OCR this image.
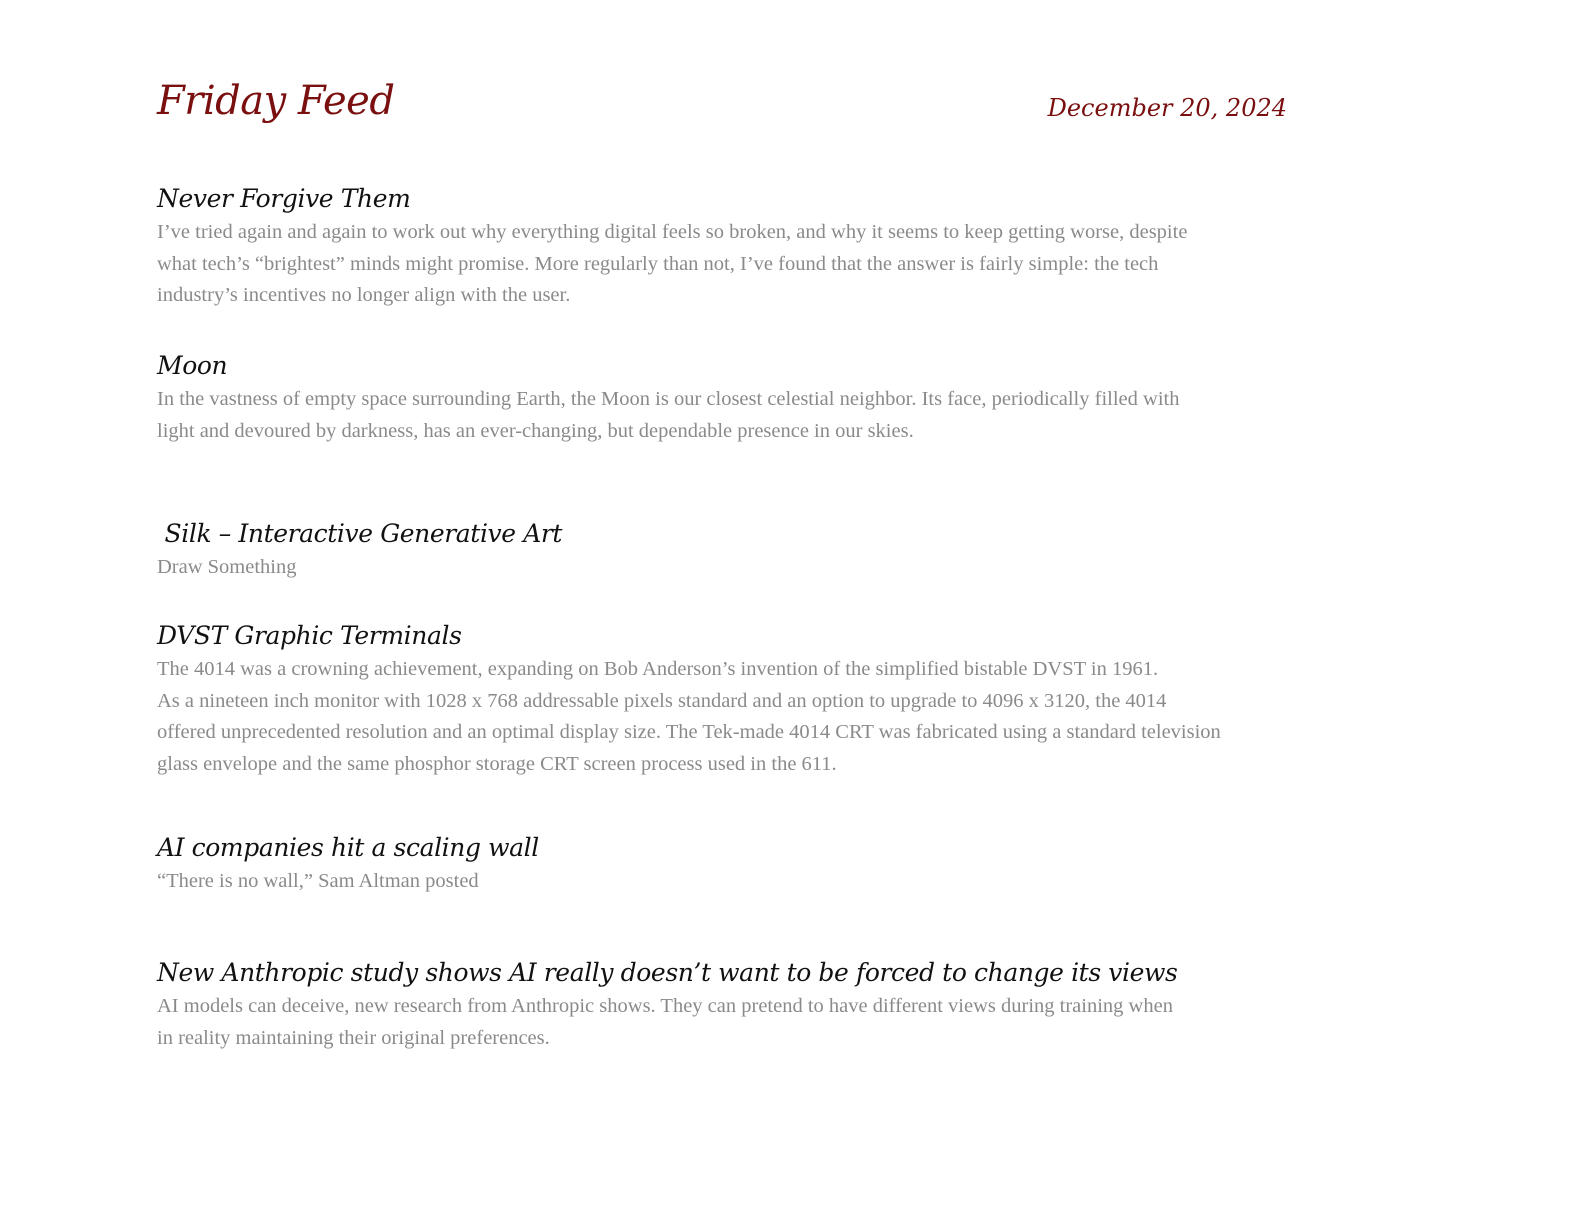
Friday Feed	December 20, 2024
Never Forgive Them

I’ve tried again and again to work out why everything digital feels so broken, and why it seems to keep getting worse, despite
what tech’s “brightest” minds might promise. More regularly than not, I’ve found that the answer is fairly simple: the tech
industry’s incentives no longer align with the user.

Moon

In the vastness of empty space surrounding Earth, the Moon is our closest celestial neighbor. Its face, periodically filled with
light and devoured by darkness, has an ever-changing, but dependable presence in our skies.

Silk – Interactive Generative Art

Draw Something

DVST Graphic Terminals

The 4014 was a crowning achievement, expanding on Bob Anderson’s invention of the simplified bistable DVST in 1961.
As a nineteen inch monitor with 1028 x 768 addressable pixels standard and an option to upgrade to 4096 x 3120, the 4014
offered unprecedented resolution and an optimal display size. The Tek-made 4014 CRT was fabricated using a standard television
glass envelope and the same phosphor storage CRT screen process used in the 611.

AI companies hit a scaling wall

“There is no wall,” Sam Altman posted

New Anthropic study shows AI really doesn’t want to be forced to change its views

AI models can deceive, new research from Anthropic shows. They can pretend to have different views during training when
in reality maintaining their original preferences.
